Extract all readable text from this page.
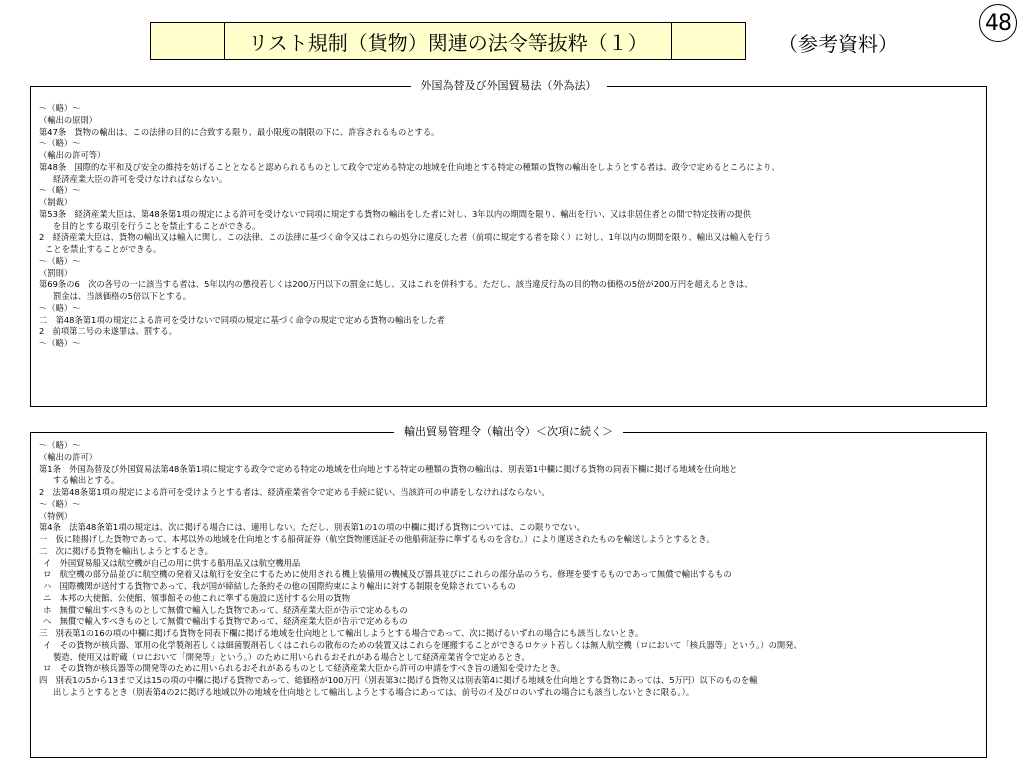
48
リスト規制（貨物）関連の法令等抜粋（１）	（参考資料）
外国為替及び外国貿易法（外為法）
～（略）～
（輸出の原則）
第47条　貨物の輸出は、この法律の目的に合致する限り、最小限度の制限の下に、許容されるものとする。
～（略）～
（輸出の許可等）
第48条　国際的な平和及び安全の維持を妨げることとなると認められるものとして政令で定める特定の地域を仕向地とする特定の種類の貨物の輸出をしようとする者は、政令で定めるところにより、
経済産業大臣の許可を受けなければならない。
～（略）～
（制裁）
第53条　経済産業大臣は、第48条第1項の規定による許可を受けないで同項に規定する貨物の輸出をした者に対し、3年以内の期間を限り、輸出を行い、又は非居住者との間で特定技術の提供
を目的とする取引を行うことを禁止することができる。
2　経済産業大臣は、貨物の輸出又は輸入に関し、この法律、この法律に基づく命令又はこれらの処分に違反した者（前項に規定する者を除く）に対し、1年以内の期間を限り、輸出又は輸入を行う
ことを禁止することができる。
～（略）～
（罰則）
第69条の6　次の各号の一に該当する者は、5年以内の懲役若しくは200万円以下の罰金に処し、又はこれを併科する。ただし、該当違反行為の目的物の価格の5倍が200万円を超えるときは、
罰金は、当該価格の5倍以下とする。
～（略）～
二　第48条第1項の規定による許可を受けないで同項の規定に基づく命令の規定で定める貨物の輸出をした者
2　前項第二号の未遂罪は、罰する。
～（略）～
輸出貿易管理令（輸出令）＜次項に続く＞
～（略）～
（輸出の許可）
第1条　外国為替及び外国貿易法第48条第1項に規定する政令で定める特定の地域を仕向地とする特定の種類の貨物の輸出は、別表第1中欄に掲げる貨物の同表下欄に掲げる地域を仕向地と
する輸出とする。
2　法第48条第1項の規定による許可を受けようとする者は、経済産業省令で定める手続に従い、当該許可の申請をしなければならない。
～（略）～
（特例）
第4条　法第48条第1項の規定は、次に掲げる場合には、適用しない。ただし、別表第1の1の項の中欄に掲げる貨物については、この限りでない。
一　仮に陸揚げした貨物であって、本邦以外の地域を仕向地とする船荷証券（航空貨物運送証その他船荷証券に準ずるものを含む。）により運送されたものを輸送しようとするとき。
二　次に掲げる貨物を輸出しようとするとき。
イ　外国貿易船又は航空機が自己の用に供する船用品又は航空機用品
ロ　航空機の部分品並びに航空機の発着又は航行を安全にするために使用される機上装備用の機械及び器具並びにこれらの部分品のうち、修理を要するものであって無償で輸出するもの
ハ　国際機関が送付する貨物であって、我が国が締結した条約その他の国際約束により輸出に対する制限を免除されているもの
ニ　本邦の大使館、公使館、領事館その他これに準ずる施設に送付する公用の貨物
ホ　無償で輸出すべきものとして無償で輸入した貨物であって、経済産業大臣が告示で定めるもの
ヘ　無償で輸入すべきものとして無償で輸出する貨物であって、経済産業大臣が告示で定めるもの
三　別表第1の16の項の中欄に掲げる貨物を同表下欄に掲げる地域を仕向地として輸出しようとする場合であって、次に掲げるいずれの場合にも該当しないとき。
イ　その貨物が核兵器、軍用の化学製剤若しくは細菌製剤若しくはこれらの散布のための装置又はこれらを運搬することができるロケット若しくは無人航空機（ロにおいて「核兵器等」という。）の開発、
製造、使用又は貯蔵（ロにおいて「開発等」という。）のために用いられるおそれがある場合として経済産業省令で定めるとき。
ロ　その貨物が核兵器等の開発等のために用いられるおそれがあるものとして経済産業大臣から許可の申請をすべき旨の通知を受けたとき。
四　別表1の5から13まで又は15の項の中欄に掲げる貨物であって、総価格が100万円（別表第3に掲げる貨物又は別表第4に掲げる地域を仕向地とする貨物にあっては、5万円）以下のものを輸
出しようとするとき（別表第4の2に掲げる地域以外の地域を仕向地として輸出しようとする場合にあっては、前号のイ及びロのいずれの場合にも該当しないときに限る。）。
